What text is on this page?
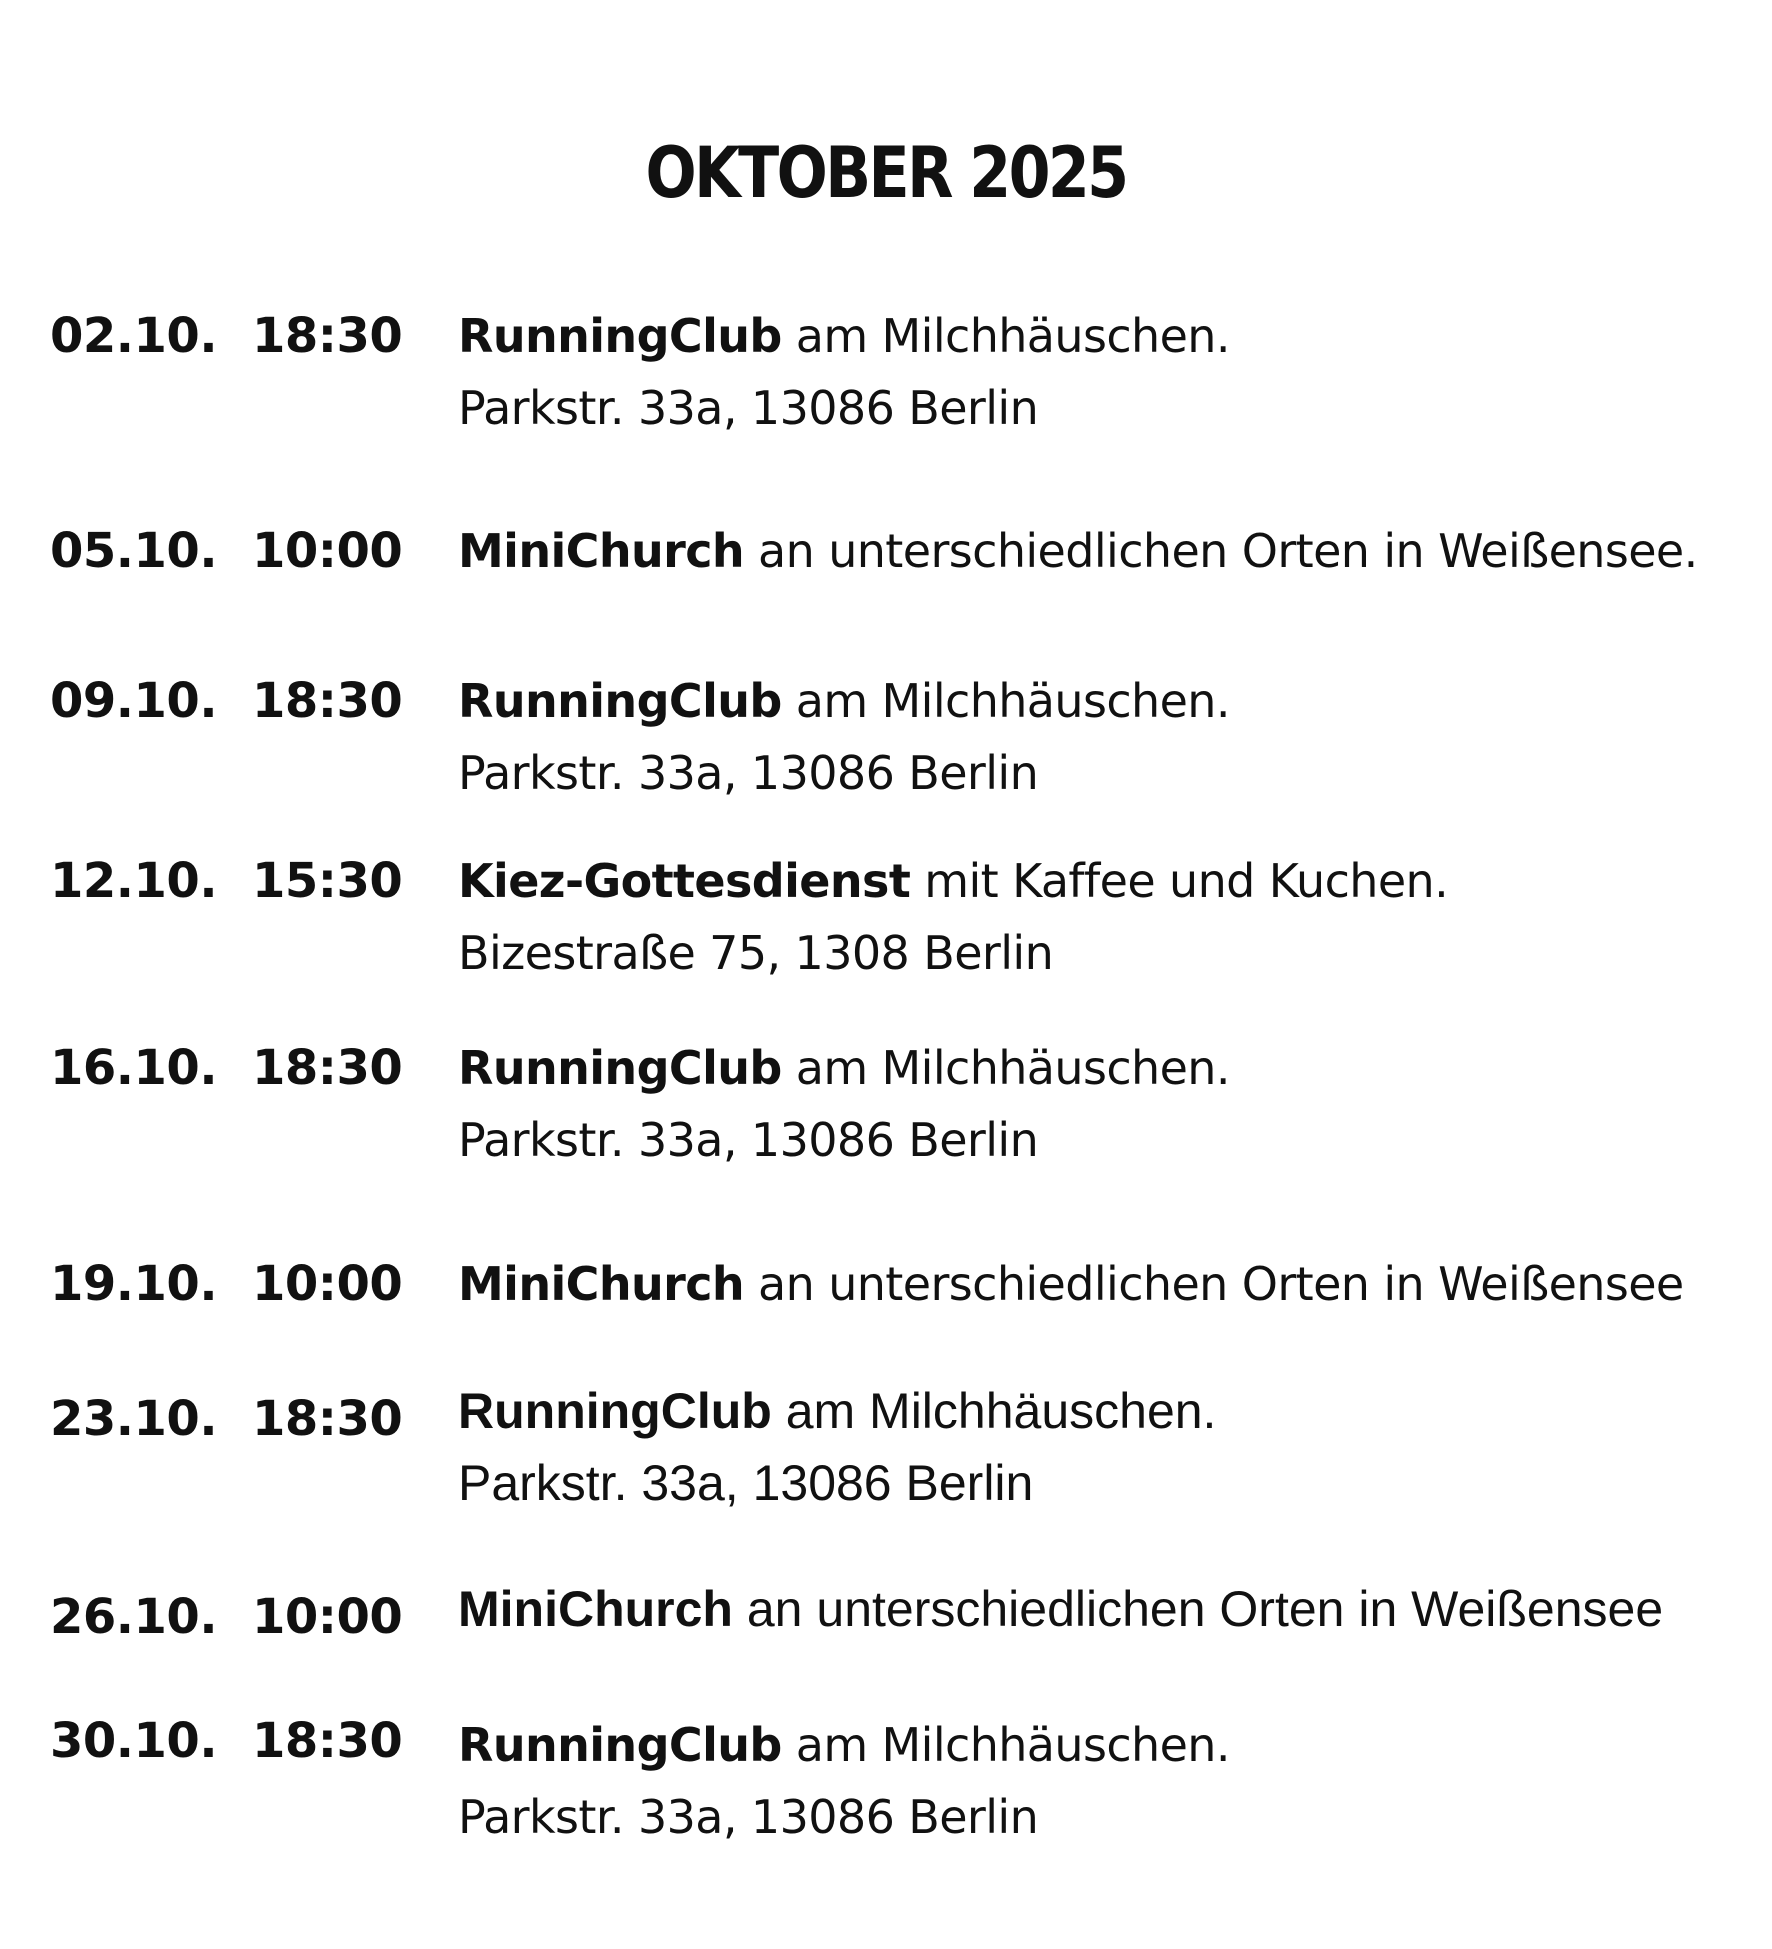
OKTOBER 2025
02.10. 18:30 RunningClub am Milchhäuschen.
Parkstr. 33a, 13086 Berlin
05.10. 10:00 MiniChurch an unterschiedlichen Orten in Weißensee.
09.10. 18:30 RunningClub am Milchhäuschen.
Parkstr. 33a, 13086 Berlin
12.10. 15:30 Kiez-Gottesdienst mit Kaffee und Kuchen.
Bizestraße 75, 1308 Berlin
16.10. 18:30 RunningClub am Milchhäuschen.
Parkstr. 33a, 13086 Berlin
19.10. 10:00 MiniChurch an unterschiedlichen Orten in Weißensee
23.10. 18:30 RunningClub am Milchhäuschen.
Parkstr. 33a, 13086 Berlin
26.10. 10:00 MiniChurch an unterschiedlichen Orten in Weißensee
30.10. 18:30 RunningClub am Milchhäuschen.
Parkstr. 33a, 13086 Berlin
